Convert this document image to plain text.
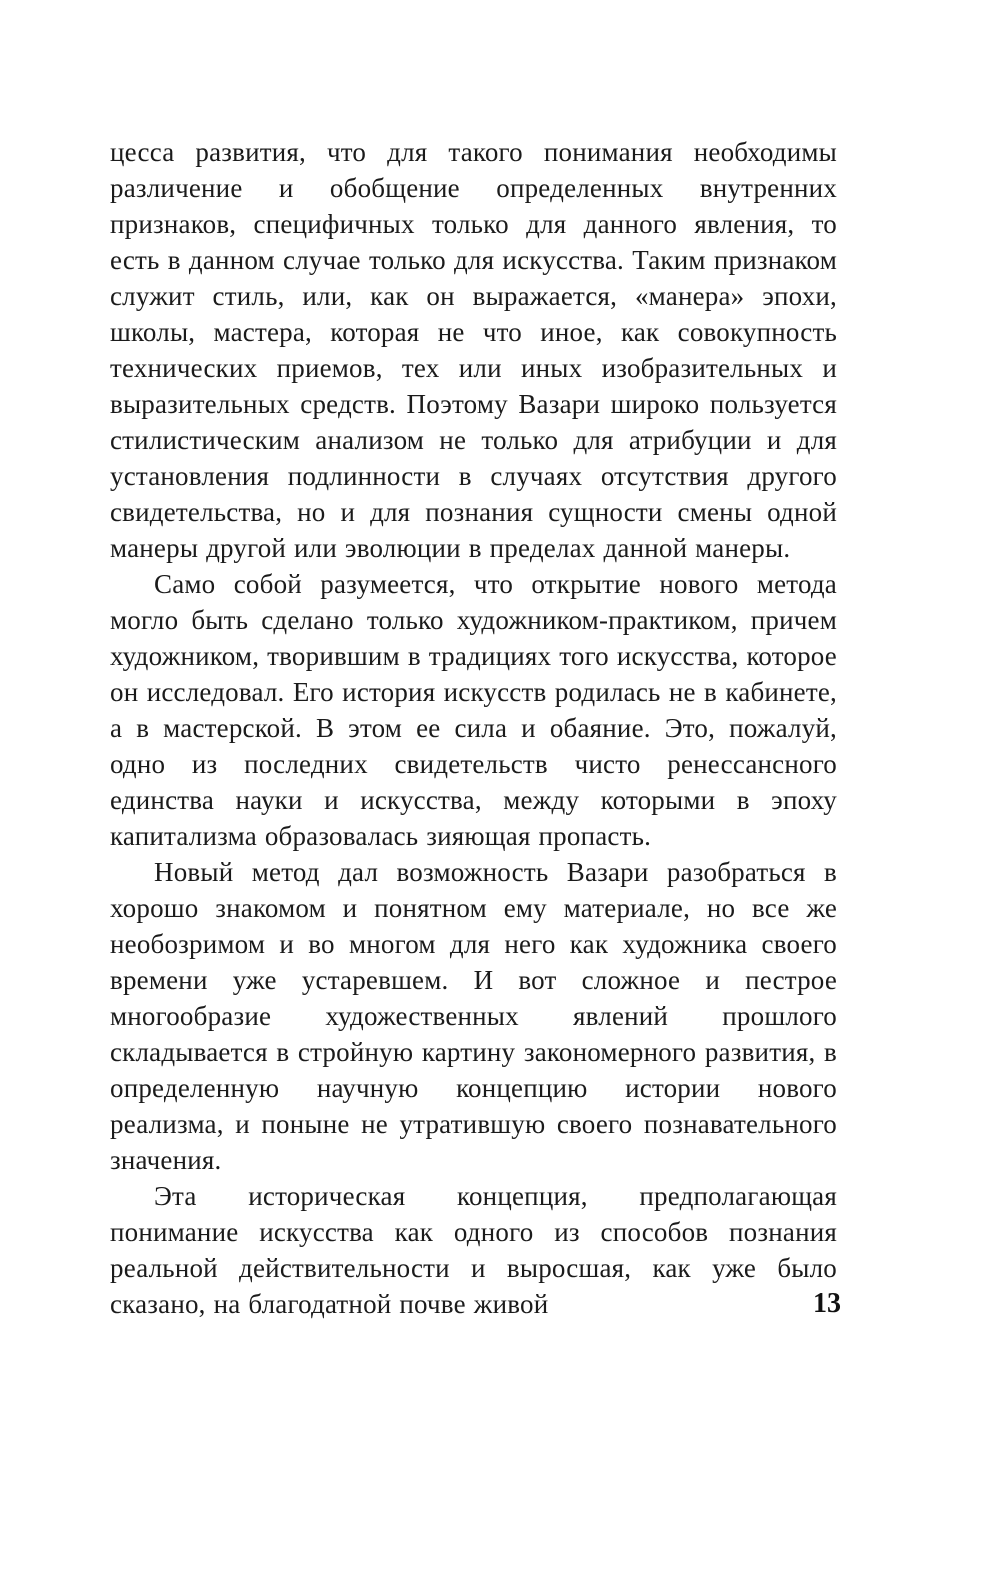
цесса развития, что для такого понимания необходимы различение и обобщение определенных внутренних признаков, специфичных только для данного явления, то есть в данном случае только для искусства. Таким признаком служит стиль, или, как он выражается, «манера» эпохи, школы, мастера, которая не что иное, как совокупность технических приемов, тех или иных изобразительных и выразительных средств. Поэтому Вазари широко пользуется стилистическим анализом не только для атрибуции и для установления подлинности в случаях отсутствия другого свидетельства, но и для познания сущности смены одной манеры другой или эволюции в пределах данной манеры.

Само собой разумеется, что открытие нового метода могло быть сделано только художником-практиком, причем художником, творившим в традициях того искусства, которое он исследовал. Его история искусств родилась не в кабинете, а в мастерской. В этом ее сила и обаяние. Это, пожалуй, одно из последних свидетельств чисто ренессансного единства науки и искусства, между которыми в эпоху капитализма образовалась зияющая пропасть.

Новый метод дал возможность Вазари разобраться в хорошо знакомом и понятном ему материале, но все же необозримом и во многом для него как художника своего времени уже устаревшем. И вот сложное и пестрое многообразие художественных явлений прошлого складывается в стройную картину закономерного развития, в определенную научную концепцию истории нового реализма, и поныне не утратившую своего познавательного значения.

Эта историческая концепция, предполагающая понимание искусства как одного из способов познания реальной действительности и выросшая, как уже было сказано, на благодатной почве живой	13
